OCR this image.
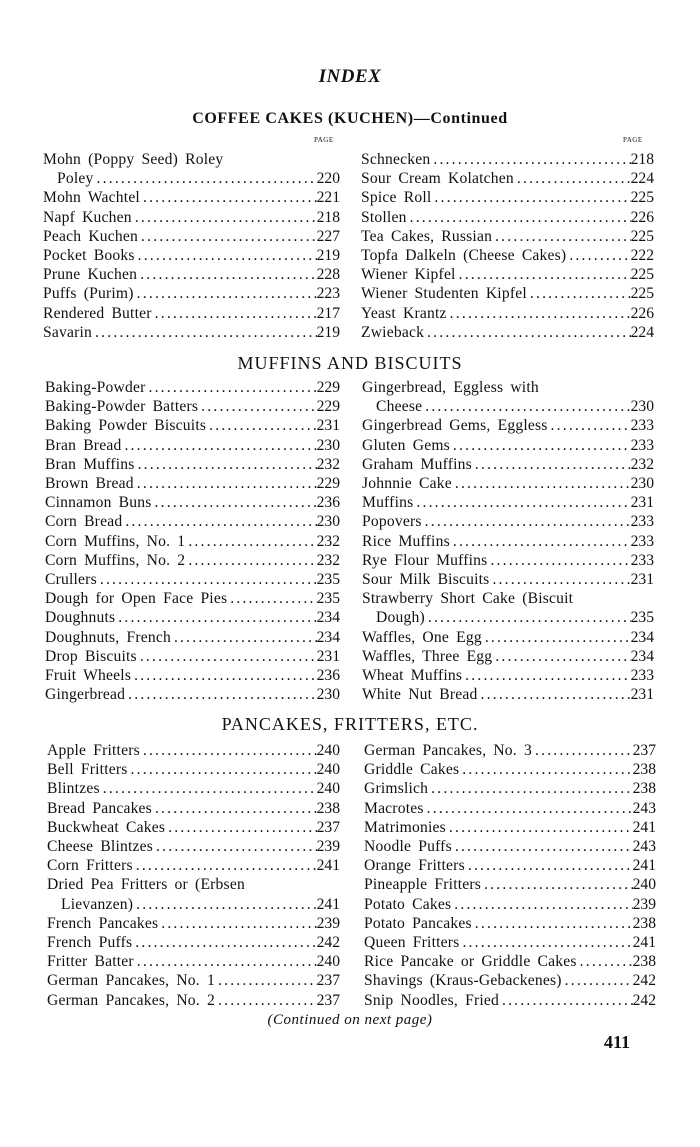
INDEX
COFFEE CAKES (KUCHEN)—Continued
PAGE	PAGE
Mohn (Poppy Seed) Roley
Poley .....	220
Mohn Wachtel .....	221
Napf Kuchen .....	218
Peach Kuchen .....	227
Pocket Books .....	219
Prune Kuchen .....	228
Puffs (Purim) .....	223
Rendered Butter .....	217
Savarin .....	219
Schnecken .....	218
Sour Cream Kolatchen .....	224
Spice Roll .....	225
Stollen .....	226
Tea Cakes, Russian .....	225
Topfa Dalkeln (Cheese Cakes) .....	222
Wiener Kipfel .....	225
Wiener Studenten Kipfel .....	225
Yeast Krantz .....	226
Zwieback .....	224
MUFFINS AND BISCUITS
Baking-Powder .....	229
Baking-Powder Batters .....	229
Baking Powder Biscuits .....	231
Bran Bread .....	230
Bran Muffins .....	232
Brown Bread .....	229
Cinnamon Buns .....	236
Corn Bread .....	230
Corn Muffins, No. 1 .....	232
Corn Muffins, No. 2 .....	232
Crullers .....	235
Dough for Open Face Pies .....	235
Doughnuts .....	234
Doughnuts, French .....	234
Drop Biscuits .....	231
Fruit Wheels .....	236
Gingerbread .....	230
Gingerbread, Eggless with
Cheese .....	230
Gingerbread Gems, Eggless .....	233
Gluten Gems .....	233
Graham Muffins .....	232
Johnnie Cake .....	230
Muffins .....	231
Popovers .....	233
Rice Muffins .....	233
Rye Flour Muffins .....	233
Sour Milk Biscuits .....	231
Strawberry Short Cake (Biscuit
Dough) .....	235
Waffles, One Egg .....	234
Waffles, Three Egg .....	234
Wheat Muffins .....	233
White Nut Bread .....	231
PANCAKES, FRITTERS, ETC.
Apple Fritters .....	240
Bell Fritters .....	240
Blintzes .....	240
Bread Pancakes .....	238
Buckwheat Cakes .....	237
Cheese Blintzes .....	239
Corn Fritters .....	241
Dried Pea Fritters or (Erbsen
Lievanzen) .....	241
French Pancakes .....	239
French Puffs .....	242
Fritter Batter .....	240
German Pancakes, No. 1 .....	237
German Pancakes, No. 2 .....	237
German Pancakes, No. 3 .....	237
Griddle Cakes .....	238
Grimslich .....	238
Macrotes .....	243
Matrimonies .....	241
Noodle Puffs .....	243
Orange Fritters .....	241
Pineapple Fritters .....	240
Potato Cakes .....	239
Potato Pancakes .....	238
Queen Fritters .....	241
Rice Pancake or Griddle Cakes .....	238
Shavings (Kraus-Gebackenes) .....	242
Snip Noodles, Fried .....	242
(Continued on next page)
411
